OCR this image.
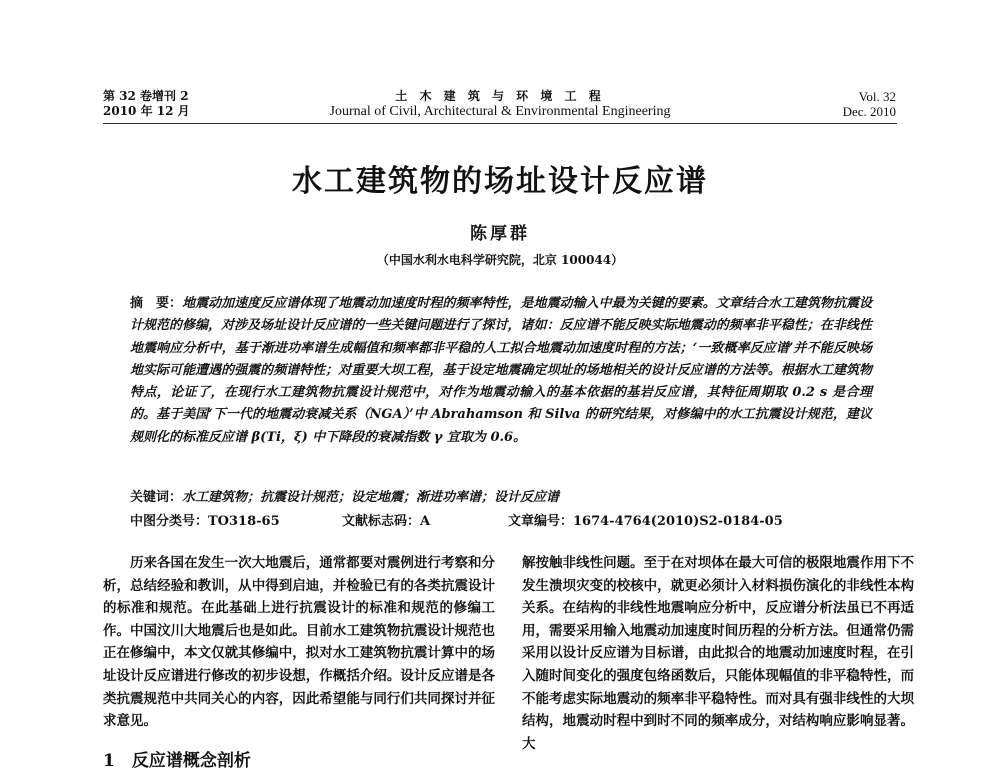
第 32 卷增刊 2
2010 年 12 月
土 木 建 筑 与 环 境 工 程
Journal of Civil, Architectural & Environmental Engineering
Vol. 32
Dec. 2010
水工建筑物的场址设计反应谱
陈厚群
（中国水利水电科学研究院，北京 100044）
摘　要：地震动加速度反应谱体现了地震动加速度时程的频率特性，是地震动输入中最为关键的要素。文章结合水工建筑物抗震设计规范的修编，对涉及场址设计反应谱的一些关键问题进行了探讨，诸如：反应谱不能反映实际地震动的频率非平稳性；在非线性地震响应分析中，基于渐进功率谱生成幅值和频率都非平稳的人工拟合地震动加速度时程的方法；‘一致概率反应谱’并不能反映场地实际可能遭遇的强震的频谱特性；对重要大坝工程，基于设定地震确定坝址的场地相关的设计反应谱的方法等。根据水工建筑物特点，论证了，在现行水工建筑物抗震设计规范中，对作为地震动输入的基本依据的基岩反应谱，其特征周期取 0.2 s 是合理的。基于美国‘下一代的地震动衰减关系（NGA）’中 Abrahamson 和 Silva 的研究结果，对修编中的水工抗震设计规范，建议规则化的标准反应谱 β(Ti，ξ) 中下降段的衰减指数 γ 宜取为 0.6。
关键词：水工建筑物；抗震设计规范；设定地震；渐进功率谱；设计反应谱
中图分类号：TO318-65	文献标志码：A	文章编号：1674-4764(2010)S2-0184-05
历来各国在发生一次大地震后，通常都要对震例进行考察和分析，总结经验和教训，从中得到启迪，并检验已有的各类抗震设计的标准和规范。在此基础上进行抗震设计的标准和规范的修编工作。中国汶川大地震后也是如此。目前水工建筑物抗震设计规范也正在修编中，本文仅就其修编中，拟对水工建筑物抗震计算中的场址设计反应谱进行修改的初步设想，作概括介绍。设计反应谱是各类抗震规范中共同关心的内容，因此希望能与同行们共同探讨并征求意见。
解按触非线性问题。至于在对坝体在最大可信的极限地震作用下不发生溃坝灾变的校核中，就更必须计入材料损伤演化的非线性本构关系。在结构的非线性地震响应分析中，反应谱分析法虽已不再适用，需要采用输入地震动加速度时间历程的分析方法。但通常仍需采用以设计反应谱为目标谱，由此拟合的地震动加速度时程，在引入随时间变化的强度包络函数后，只能体现幅值的非平稳特性，而不能考虑实际地震动的频率非平稳特性。而对具有强非线性的大坝结构，地震动时程中到时不同的频率成分，对结构响应影响显著。大
1　反应谱概念剖析
